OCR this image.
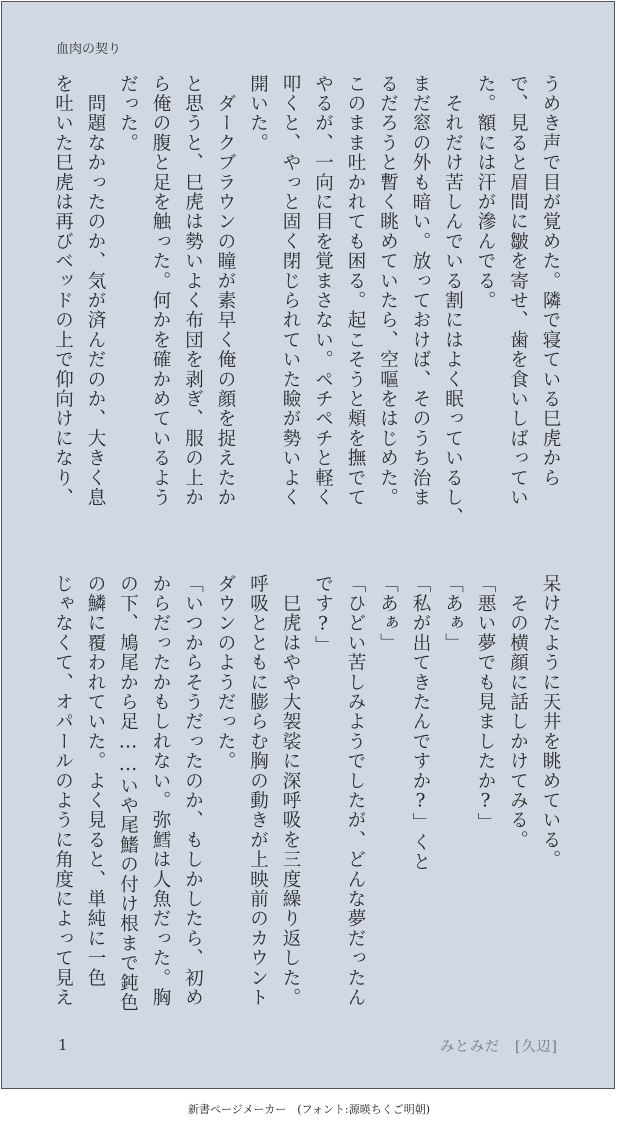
血肉の契り
うめき声で目が覚めた。隣で寝ている巳虎から
で、見ると眉間に皺を寄せ、歯を食いしばってい
た。額には汗が滲んでる。
　それだけ苦しんでいる割にはよく眠っているし、
まだ窓の外も暗い。放っておけば、そのうち治ま
るだろうと暫く眺めていたら、空嘔をはじめた。
このまま吐かれても困る。起こそうと頬を撫でて
やるが、一向に目を覚まさない。ペチペチと軽く
叩くと、やっと固く閉じられていた瞼が勢いよく
開いた。
　ダークブラウンの瞳が素早く俺の顔を捉えたか
と思うと、巳虎は勢いよく布団を剥ぎ、服の上か
ら俺の腹と足を触った。何かを確かめているよう
だった。
　問題なかったのか、気が済んだのか、大きく息
を吐いた巳虎は再びベッドの上で仰向けになり、
呆けたように天井を眺めている。
　その横顔に話しかけてみる。
「悪い夢でも見ましたか?」
「あぁ」
「私が出てきたんですか?」くと
「あぁ」
「ひどい苦しみようでしたが、どんな夢だったん
です?」
　巳虎はやや大袈裟に深呼吸を三度繰り返した。
呼吸とともに膨らむ胸の動きが上映前のカウント
ダウンのようだった。
「いつからそうだったのか、もしかしたら、初め
からだったかもしれない。弥鱈は人魚だった。胸
の下、鳩尾から足……いや尾鰭の付け根まで鈍色
の鱗に覆われていた。よく見ると、単純に一色
じゃなくて、オパールのように角度によって見え
1	みとみだ　[久辺]
新書ページメーカー　(フォント:源暎ちくご明朝)
